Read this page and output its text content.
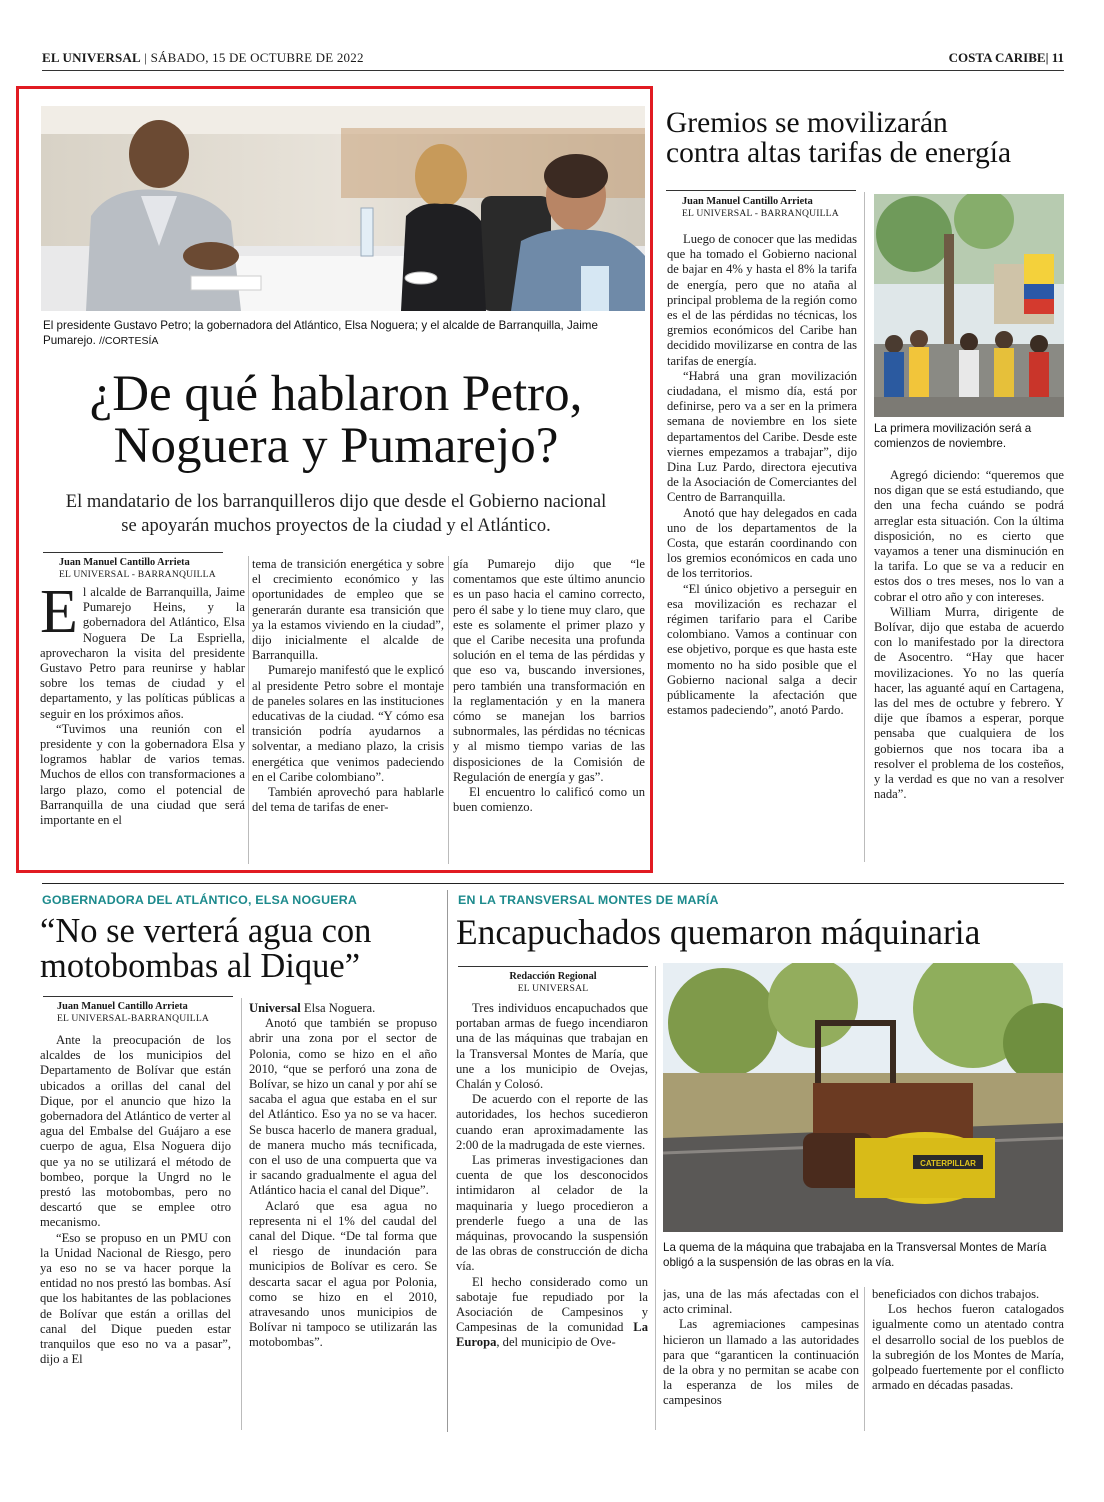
EL UNIVERSAL | SÁBADO, 15 DE OCTUBRE DE 2022	COSTA CARIBE| 11
El presidente Gustavo Petro; la gobernadora del Atlántico, Elsa Noguera; y el alcalde de Barranquilla, Jaime Pumarejo. //CORTESÍA
¿De qué hablaron Petro,
Noguera y Pumarejo?
El mandatario de los barranquilleros dijo que desde el Gobierno nacional
se apoyarán muchos proyectos de la ciudad y el Atlántico.
Juan Manuel Cantillo Arrieta
EL UNIVERSAL - BARRANQUILLA

El alcalde de Barranquilla, Jaime Pumarejo Heins, y la gobernadora del Atlántico, Elsa Noguera De La Espriella, aprovecharon la visita del presidente Gustavo Petro para reunirse y hablar sobre los temas de ciudad y el departamento, y las políticas públicas a seguir en los próximos años.

“Tuvimos una reunión con el presidente y con la gobernadora Elsa y logramos hablar de varios temas. Muchos de ellos con transformaciones a largo plazo, como el potencial de Barranquilla de una ciudad que será importante en el

tema de transición energética y sobre el crecimiento económico y las oportunidades de empleo que se generarán durante esa transición que ya la estamos viviendo en la ciudad”, dijo inicialmente el alcalde de Barranquilla.

Pumarejo manifestó que le explicó al presidente Petro sobre el montaje de paneles solares en las instituciones educativas de la ciudad. “Y cómo esa transición podría ayudarnos a solventar, a mediano plazo, la crisis energética que venimos padeciendo en el Caribe colombiano”.

También aprovechó para hablarle del tema de tarifas de ener-

gía Pumarejo dijo que “le comentamos que este último anuncio es un paso hacia el camino correcto, pero él sabe y lo tiene muy claro, que este es solamente el primer plazo y que el Caribe necesita una profunda solución en el tema de las pérdidas y que eso va, buscando inversiones, pero también una transformación en la reglamentación y en la manera cómo se manejan los barrios subnormales, las pérdidas no técnicas y al mismo tiempo varias de las disposiciones de la Comisión de Regulación de energía y gas”.

El encuentro lo calificó como un buen comienzo.

Gremios se movilizarán
contra altas tarifas de energía
Juan Manuel Cantillo Arrieta
EL UNIVERSAL - BARRANQUILLA

Luego de conocer que las medidas que ha tomado el Gobierno nacional de bajar en 4% y hasta el 8% la tarifa de energía, pero que no ataña al principal problema de la región como es el de las pérdidas no técnicas, los gremios económicos del Caribe han decidido movilizarse en contra de las tarifas de energía.

“Habrá una gran movilización ciudadana, el mismo día, está por definirse, pero va a ser en la primera semana de noviembre en los siete departamentos del Caribe. Desde este viernes empezamos a trabajar”, dijo Dina Luz Pardo, directora ejecutiva de la Asociación de Comerciantes del Centro de Barranquilla.

Anotó que hay delegados en cada uno de los departamentos de la Costa, que estarán coordinando con los gremios económicos en cada uno de los territorios.

“El único objetivo a perseguir en esa movilización es rechazar el régimen tarifario para el Caribe colombiano. Vamos a continuar con ese objetivo, porque es que hasta este momento no ha sido posible que el Gobierno nacional salga a decir públicamente la afectación que estamos padeciendo”, anotó Pardo.

La primera movilización será a comienzos de noviembre.

Agregó diciendo: “queremos que nos digan que se está estudiando, que den una fecha cuándo se podrá arreglar esta situación. Con la última disposición, no es cierto que vayamos a tener una disminución en la tarifa. Lo que se va a reducir en estos dos o tres meses, nos lo van a cobrar el otro año y con intereses.

William Murra, dirigente de Bolívar, dijo que estaba de acuerdo con lo manifestado por la directora de Asocentro. “Hay que hacer movilizaciones. Yo no las quería hacer, las aguanté aquí en Cartagena, las del mes de octubre y febrero. Y dije que íbamos a esperar, porque pensaba que cualquiera de los gobiernos que nos tocara iba a resolver el problema de los costeños, y la verdad es que no van a resolver nada”.

GOBERNADORA DEL ATLÁNTICO, ELSA NOGUERA
“No se verterá agua con
motobombas al Dique”
Juan Manuel Cantillo Arrieta
EL UNIVERSAL-BARRANQUILLA

Ante la preocupación de los alcaldes de los municipios del Departamento de Bolívar que están ubicados a orillas del canal del Dique, por el anuncio que hizo la gobernadora del Atlántico de verter al agua del Embalse del Guájaro a ese cuerpo de agua, Elsa Noguera dijo que ya no se utilizará el método de bombeo, porque la Ungrd no le prestó las motobombas, pero no descartó que se emplee otro mecanismo.

“Eso se propuso en un PMU con la Unidad Nacional de Riesgo, pero ya eso no se va hacer porque la entidad no nos prestó las bombas. Así que los habitantes de las poblaciones de Bolívar que están a orillas del canal del Dique pueden estar tranquilos que eso no va a pasar”, dijo a El

Universal Elsa Noguera.

Anotó que también se propuso abrir una zona por el sector de Polonia, como se hizo en el año 2010, “que se perforó una zona de Bolívar, se hizo un canal y por ahí se sacaba el agua que estaba en el sur del Atlántico. Eso ya no se va hacer. Se busca hacerlo de manera gradual, de manera mucho más tecnificada, con el uso de una compuerta que va ir sacando gradualmente el agua del Atlántico hacia el canal del Dique”.

Aclaró que esa agua no representa ni el 1% del caudal del canal del Dique. “De tal forma que el riesgo de inundación para municipios de Bolívar es cero. Se descarta sacar el agua por Polonia, como se hizo en el 2010, atravesando unos municipios de Bolívar ni tampoco se utilizarán las motobombas”.

EN LA TRANSVERSAL MONTES DE MARÍA
Encapuchados quemaron máquinaria
Redacción Regional
EL UNIVERSAL

Tres individuos encapuchados que portaban armas de fuego incendiaron una de las máquinas que trabajan en la Transversal Montes de María, que une a los municipio de Ovejas, Chalán y Colosó.

De acuerdo con el reporte de las autoridades, los hechos sucedieron cuando eran aproximadamente las 2:00 de la madrugada de este viernes.

Las primeras investigaciones dan cuenta de que los desconocidos intimidaron al celador de la maquinaria y luego procedieron a prenderle fuego a una de las máquinas, provocando la suspensión de las obras de construcción de dicha vía.

El hecho considerado como un sabotaje fue repudiado por la Asociación de Campesinos y Campesinas de la comunidad La Europa, del municipio de Ove-

CATERPILLAR
La quema de la máquina que trabajaba en la Transversal Montes de María obligó a la suspensión de las obras en la vía.

jas, una de las más afectadas con el acto criminal.

Las agremiaciones campesinas hicieron un llamado a las autoridades para que “garanticen la continuación de la obra y no permitan se acabe con la esperanza de los miles de campesinos

beneficiados con dichos trabajos.

Los hechos fueron catalogados igualmente como un atentado contra el desarrollo social de los pueblos de la subregión de los Montes de María, golpeado fuertemente por el conflicto armado en décadas pasadas.
